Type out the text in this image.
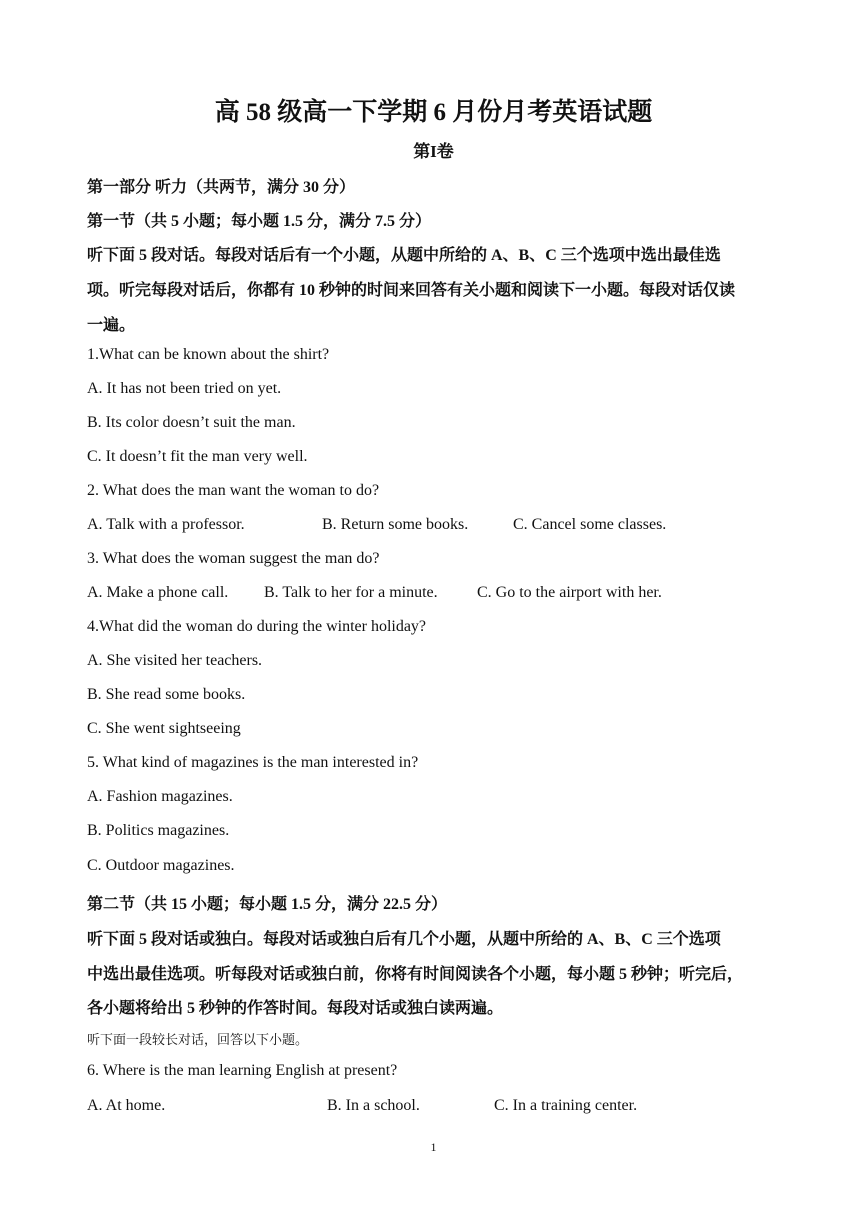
高 58 级高一下学期 6 月份月考英语试题
第I卷
第一部分 听力（共两节，满分 30 分）
第一节（共 5 小题；每小题 1.5 分，满分 7.5 分）
听下面 5 段对话。每段对话后有一个小题，从题中所给的 A、B、C 三个选项中选出最佳选
项。听完每段对话后，你都有 10 秒钟的时间来回答有关小题和阅读下一小题。每段对话仅读
一遍。
1.What can be known about the shirt?
A. It has not been tried on yet.
B. Its color doesn’t suit the man.
C. It doesn’t fit the man very well.
2. What does the man want the woman to do?
A. Talk with a professor.	B. Return some books.	C. Cancel some classes.
3. What does the woman suggest the man do?
A. Make a phone call. B. Talk to her for a minute. C. Go to the airport with her.
4.What did the woman do during the winter holiday?
A. She visited her teachers.
B. She read some books.
C. She went sightseeing
5. What kind of magazines is the man interested in?
A. Fashion magazines.
B. Politics magazines.
C. Outdoor magazines.
第二节（共 15 小题；每小题 1.5 分，满分 22.5 分）
听下面 5 段对话或独白。每段对话或独白后有几个小题，从题中所给的 A、B、C 三个选项
中选出最佳选项。听每段对话或独白前，你将有时间阅读各个小题，每小题 5 秒钟；听完后，
各小题将给出 5 秒钟的作答时间。每段对话或独白读两遍。
听下面一段较长对话，回答以下小题。
6. Where is the man learning English at present?
A. At home.	B. In a school.	C. In a training center.
1
